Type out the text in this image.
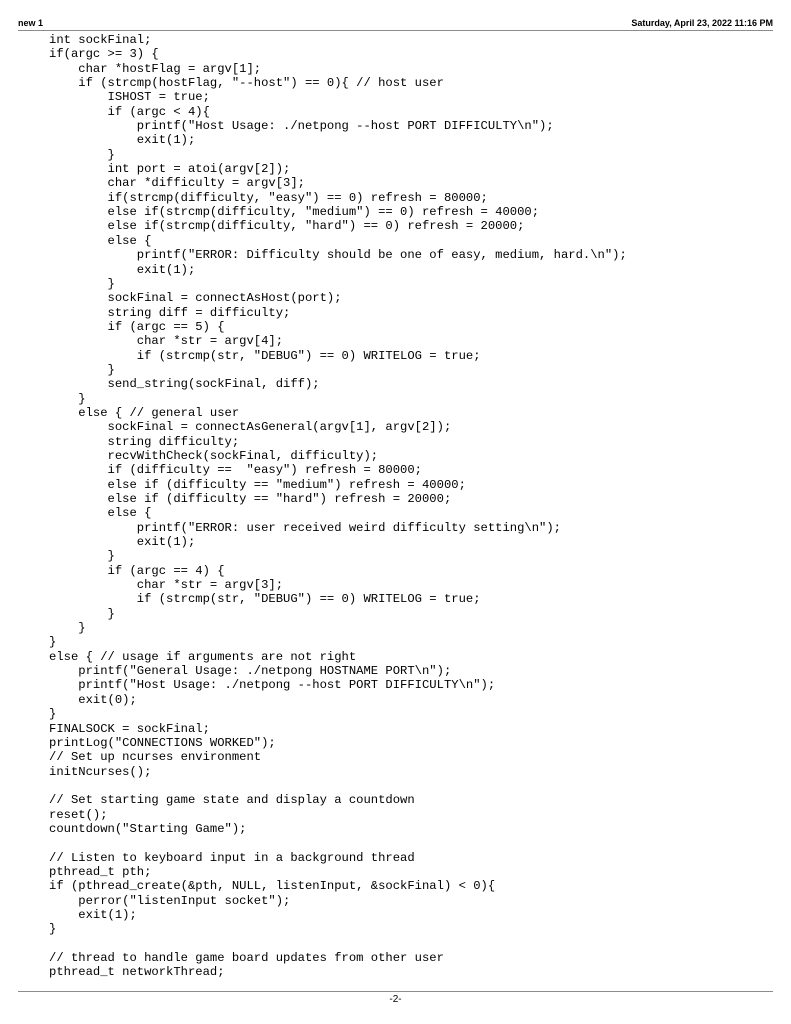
new 1	Saturday, April 23, 2022 11:16 PM
int sockFinal;
if(argc >= 3) {
char *hostFlag = argv[1];
if (strcmp(hostFlag, "--host") == 0){ // host user
ISHOST = true;
if (argc < 4){
printf("Host Usage: ./netpong --host PORT DIFFICULTY\n");
exit(1);
}
int port = atoi(argv[2]);
char *difficulty = argv[3];
if(strcmp(difficulty, "easy") == 0) refresh = 80000;
else if(strcmp(difficulty, "medium") == 0) refresh = 40000;
else if(strcmp(difficulty, "hard") == 0) refresh = 20000;
else {
printf("ERROR: Difficulty should be one of easy, medium, hard.\n");
exit(1);
}
sockFinal = connectAsHost(port);
string diff = difficulty;
if (argc == 5) {
char *str = argv[4];
if (strcmp(str, "DEBUG") == 0) WRITELOG = true;
}
send_string(sockFinal, diff);
}
else { // general user
sockFinal = connectAsGeneral(argv[1], argv[2]);
string difficulty;
recvWithCheck(sockFinal, difficulty);
if (difficulty ==  "easy") refresh = 80000;
else if (difficulty == "medium") refresh = 40000;
else if (difficulty == "hard") refresh = 20000;
else {
printf("ERROR: user received weird difficulty setting\n");
exit(1);
}
if (argc == 4) {
char *str = argv[3];
if (strcmp(str, "DEBUG") == 0) WRITELOG = true;
}
}
}
else { // usage if arguments are not right
printf("General Usage: ./netpong HOSTNAME PORT\n");
printf("Host Usage: ./netpong --host PORT DIFFICULTY\n");
exit(0);
}
FINALSOCK = sockFinal;
printLog("CONNECTIONS WORKED");
// Set up ncurses environment
initNcurses();
// Set starting game state and display a countdown
reset();
countdown("Starting Game");
// Listen to keyboard input in a background thread
pthread_t pth;
if (pthread_create(&pth, NULL, listenInput, &sockFinal) < 0){
perror("listenInput socket");
exit(1);
}
// thread to handle game board updates from other user
pthread_t networkThread;
-2-
